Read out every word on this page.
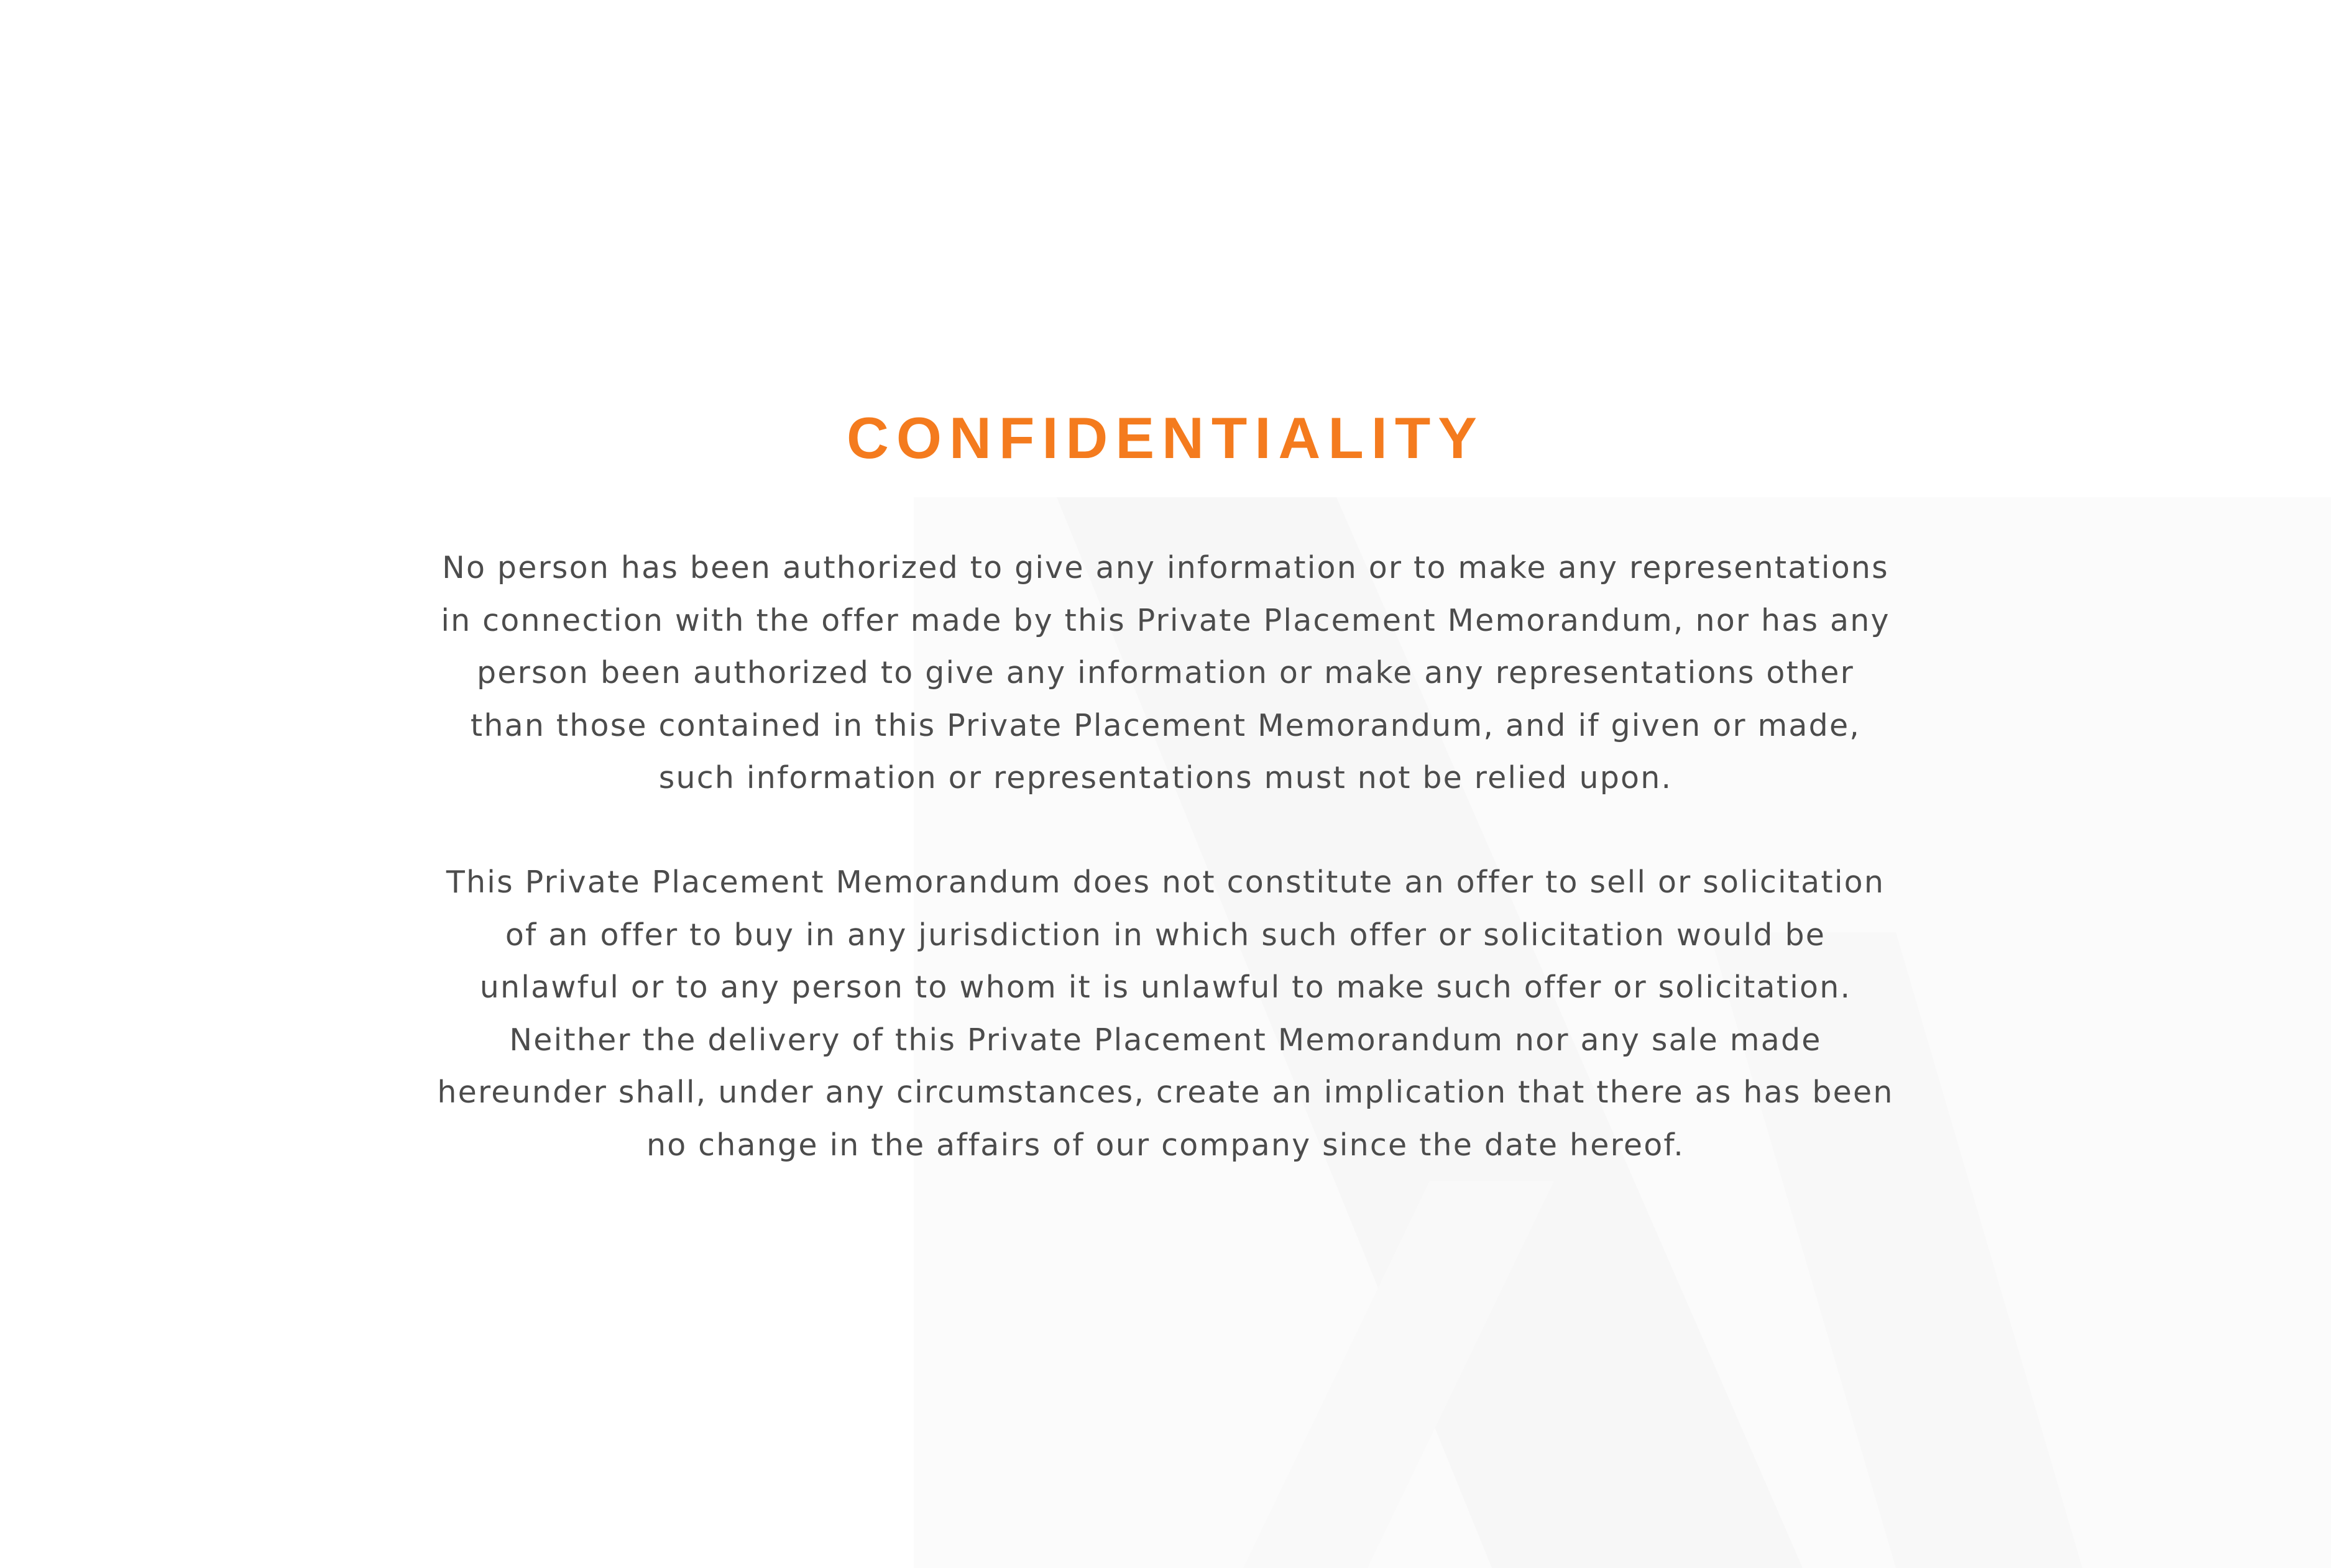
CONFIDENTIALITY

No person has been authorized to give any information or to make any representations in connection with the offer made by this Private Placement Memorandum, nor has any person been authorized to give any information or make any representations other than those contained in this Private Placement Memorandum, and if given or made, such information or representations must not be relied upon.

This Private Placement Memorandum does not constitute an offer to sell or solicitation of an offer to buy in any jurisdiction in which such offer or solicitation would be unlawful or to any person to whom it is unlawful to make such offer or solicitation. Neither the delivery of this Private Placement Memorandum nor any sale made hereunder shall, under any circumstances, create an implication that there as has been no change in the affairs of our company since the date hereof.
